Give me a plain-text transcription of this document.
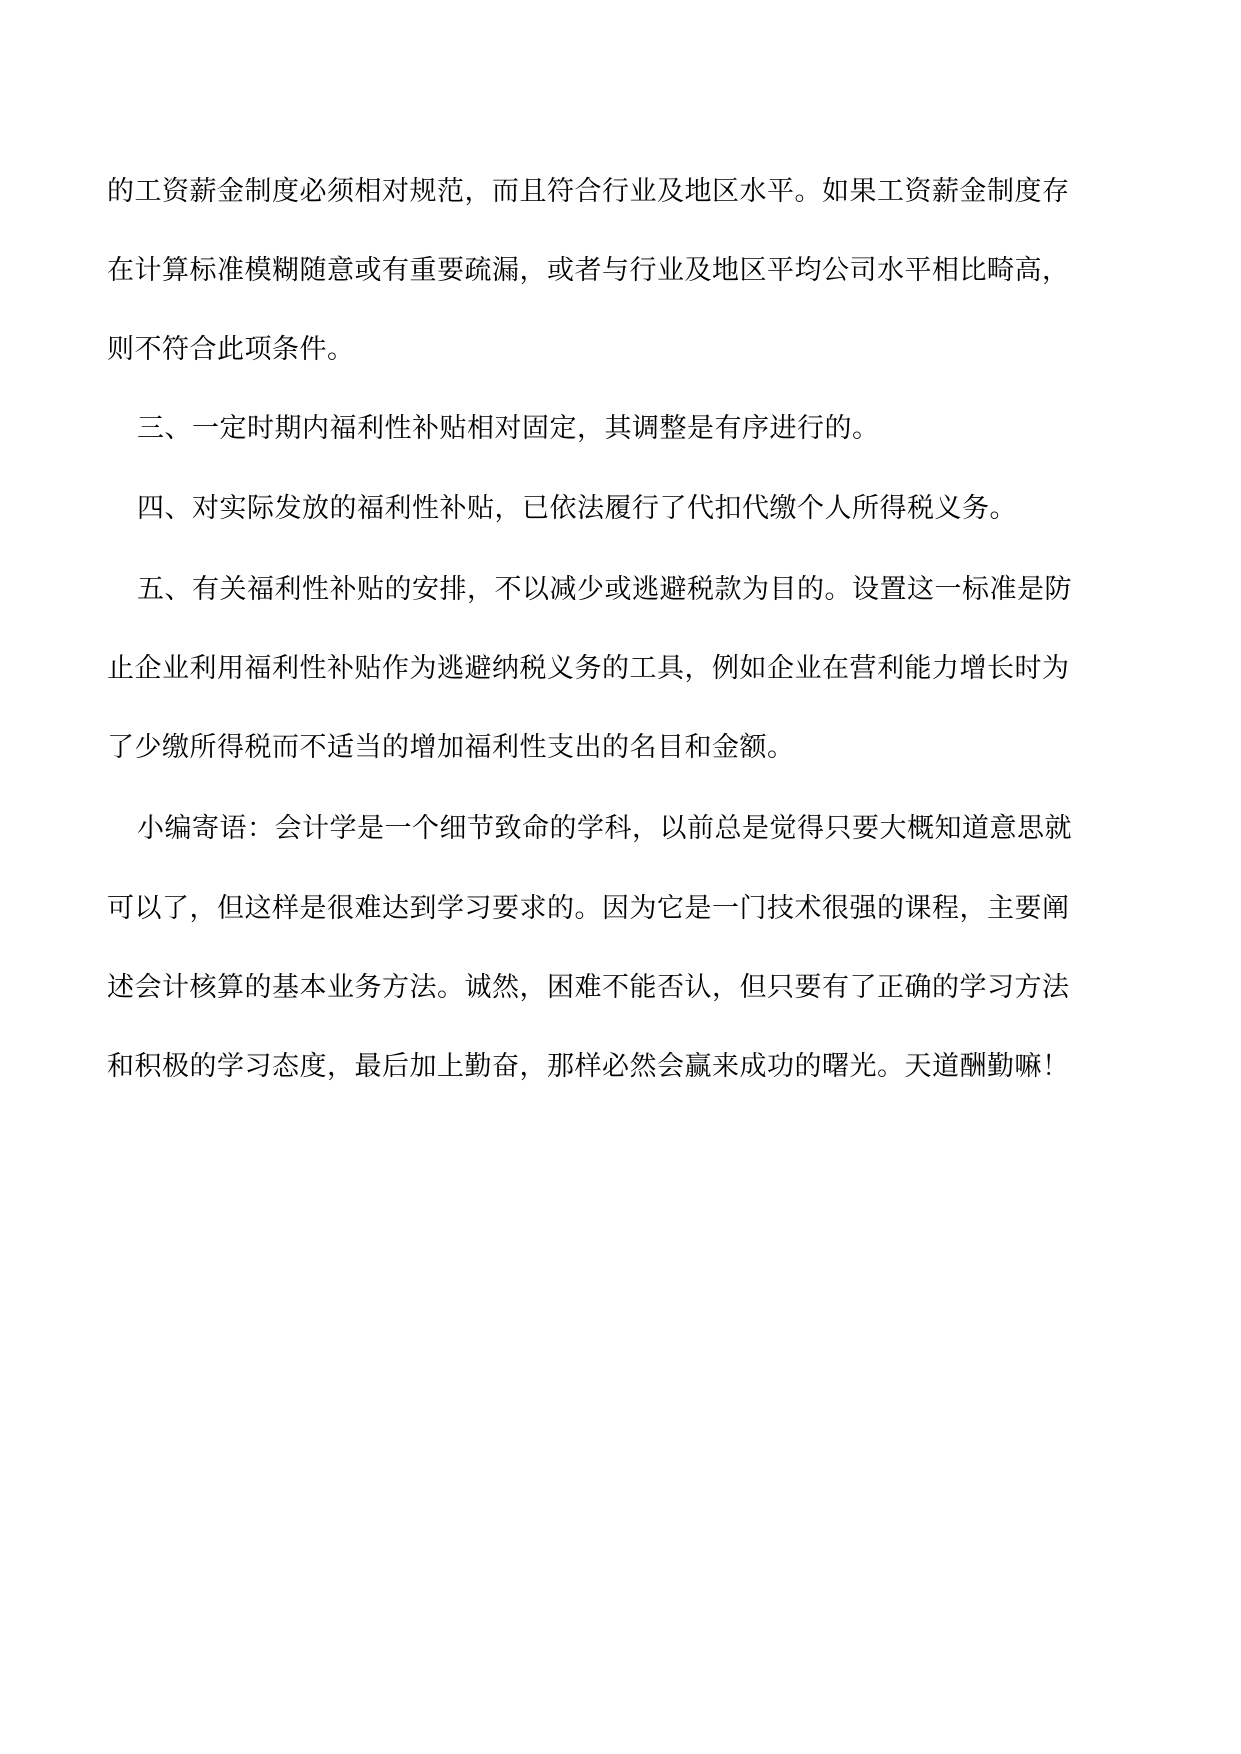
的工资薪金制度必须相对规范，而且符合行业及地区水平。如果工资薪金制度存
在计算标准模糊随意或有重要疏漏，或者与行业及地区平均公司水平相比畸高，
则不符合此项条件。
三、一定时期内福利性补贴相对固定，其调整是有序进行的。
四、对实际发放的福利性补贴，已依法履行了代扣代缴个人所得税义务。
五、有关福利性补贴的安排，不以减少或逃避税款为目的。设置这一标准是防
止企业利用福利性补贴作为逃避纳税义务的工具，例如企业在营利能力增长时为
了少缴所得税而不适当的增加福利性支出的名目和金额。
小编寄语：会计学是一个细节致命的学科，以前总是觉得只要大概知道意思就
可以了，但这样是很难达到学习要求的。因为它是一门技术很强的课程，主要阐
述会计核算的基本业务方法。诚然，困难不能否认，但只要有了正确的学习方法
和积极的学习态度，最后加上勤奋，那样必然会赢来成功的曙光。天道酬勤嘛！
